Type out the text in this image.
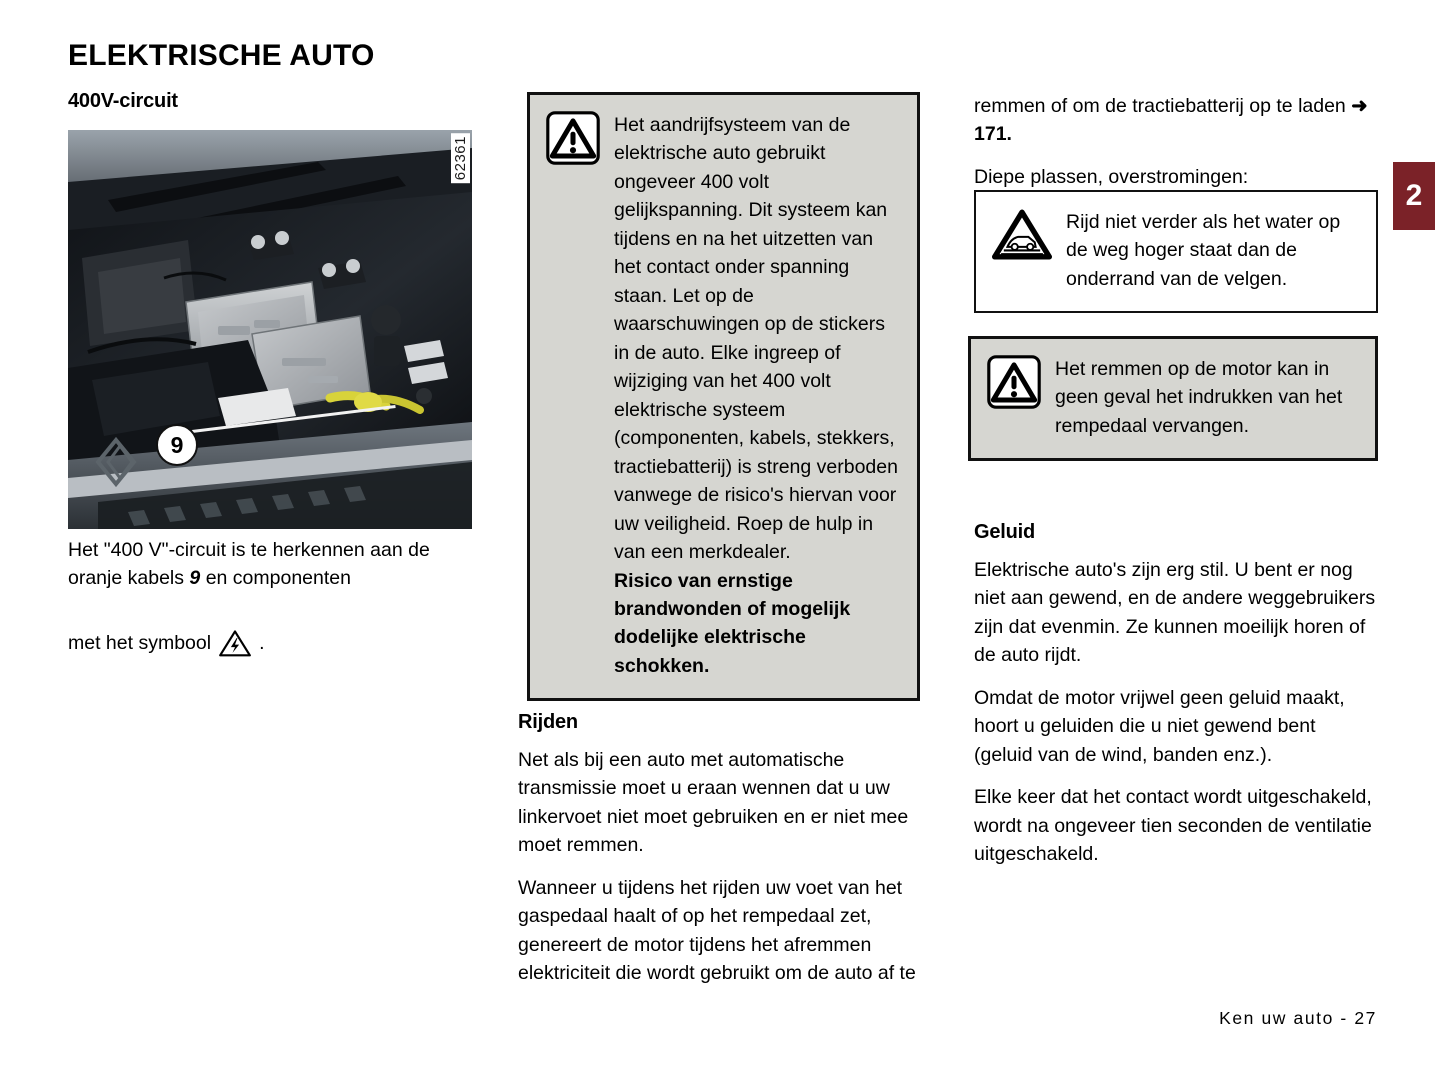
ELEKTRISCHE AUTO
400V-circuit
9
62361
Het "400 V"-circuit is te herkennen aan de oranje kabels 9 en componenten
met het symbool .
Het aandrijfsysteem van de elektrische auto gebruikt ongeveer 400 volt gelijkspanning. Dit systeem kan tijdens en na het uitzetten van het contact onder spanning staan. Let op de waarschuwingen op de stickers in de auto. Elke ingreep of wijziging van het 400 volt elektrische systeem (componenten, kabels, stekkers, tractiebatterij) is streng verboden vanwege de risico's hiervan voor uw veiligheid. Roep de hulp in van een merkdealer.
Risico van ernstige brandwonden of mogelijk dodelijke elektrische schokken.
Rijden

Net als bij een auto met automatische transmissie moet u eraan wennen dat u uw linkervoet niet moet gebruiken en er niet mee moet remmen.

Wanneer u tijdens het rijden uw voet van het gaspedaal haalt of op het rempedaal zet, genereert de motor tijdens het afremmen elektriciteit die wordt gebruikt om de auto af te

remmen of om de tractiebatterij op te laden ➜ 171.

Diepe plassen, overstromingen:

Rijd niet verder als het water op de weg hoger staat dan de onderrand van de velgen.
Het remmen op de motor kan in geen geval het indrukken van het rempedaal vervangen.
Geluid

Elektrische auto's zijn erg stil. U bent er nog niet aan gewend, en de andere weggebruikers zijn dat evenmin. Ze kunnen moeilijk horen of de auto rijdt.

Omdat de motor vrijwel geen geluid maakt, hoort u geluiden die u niet gewend bent (geluid van de wind, banden enz.).

Elke keer dat het contact wordt uitgeschakeld, wordt na ongeveer tien seconden de ventilatie uitgeschakeld.

2
Ken uw auto - 27
